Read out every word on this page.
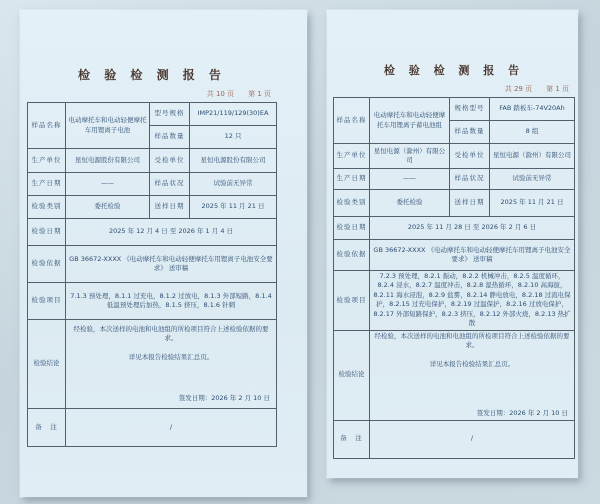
检 验 检 测 报 告
共 10 页　　第 1 页
样品名称	电动摩托车和电动轻便摩托车用锂离子电池	型号规格	IMP21/119/129(30)EA
		样品数量	12 只
生产单位	星恒电源股份有限公司	受检单位	星恒电源股份有限公司
生产日期	——	样品状况	试验前无异常
检验类别	委托检验	送样日期	2025 年 11 月 21 日
检验日期	2025 年 12 月 4 日 至 2026 年 1 月 4 日		
检验依据	GB 36672-XXXX 《电动摩托车和电动轻便摩托车用锂离子电池安全要求》 送审稿		
检验项目	7.1.3 预处理，8.1.1 过充电，8.1.2 过放电，8.1.3 外部短路，8.1.4 低温预处理后加热，8.1.5 挤压，8.1.6 针刺		
检验结论	经检验，本次送样的电池和电池组的所检项目符合上述检验依据的要求。
详见本报告检验结果汇总页。
签发日期：2026 年 2 月 10 日		

备　注	/		
检 验 检 测 报 告
共 29 页　　第 1 页
样品名称	电动摩托车和电动轻便摩托车用锂离子蓄电池组	规格型号	FAB 踏板车-74V20Ah
		样品数量	8 组
生产单位	星恒电源（滁州）有限公司	受检单位	星恒电源（滁州）有限公司
生产日期	——	样品状况	试验前无异常
检验类别	委托检验	送样日期	2025 年 11 月 21 日
检验日期	2025 年 11 月 28 日 至 2026 年 2 月 6 日		
检验依据	GB 36672-XXXX 《电动摩托车和电动轻便摩托车用锂离子电池安全要求》 送审稿		
检验项目	7.2.3 预处理，8.2.1 振动，8.2.2 机械冲击，8.2.5 温度循环，8.2.4 浸水，8.2.7 温度冲击，8.2.8 湿热循环，8.2.10 高海拔，8.2.11 海水浸泡，8.2.9 盐雾，8.2.14 静电放电，8.2.18 过流电保护，8.2.15 过充电保护，8.2.19 过温保护，8.2.16 过放电保护，8.2.17 外部短路保护，8.2.3 挤压，8.2.12 外部火烧，8.2.13 热扩散		
检验结论	经检验，本次送样的电池和电池组的所检项目符合上述检验依据的要求。
详见本报告检验结果汇总页。
签发日期：2026 年 2 月 10 日		

备　注	/		
